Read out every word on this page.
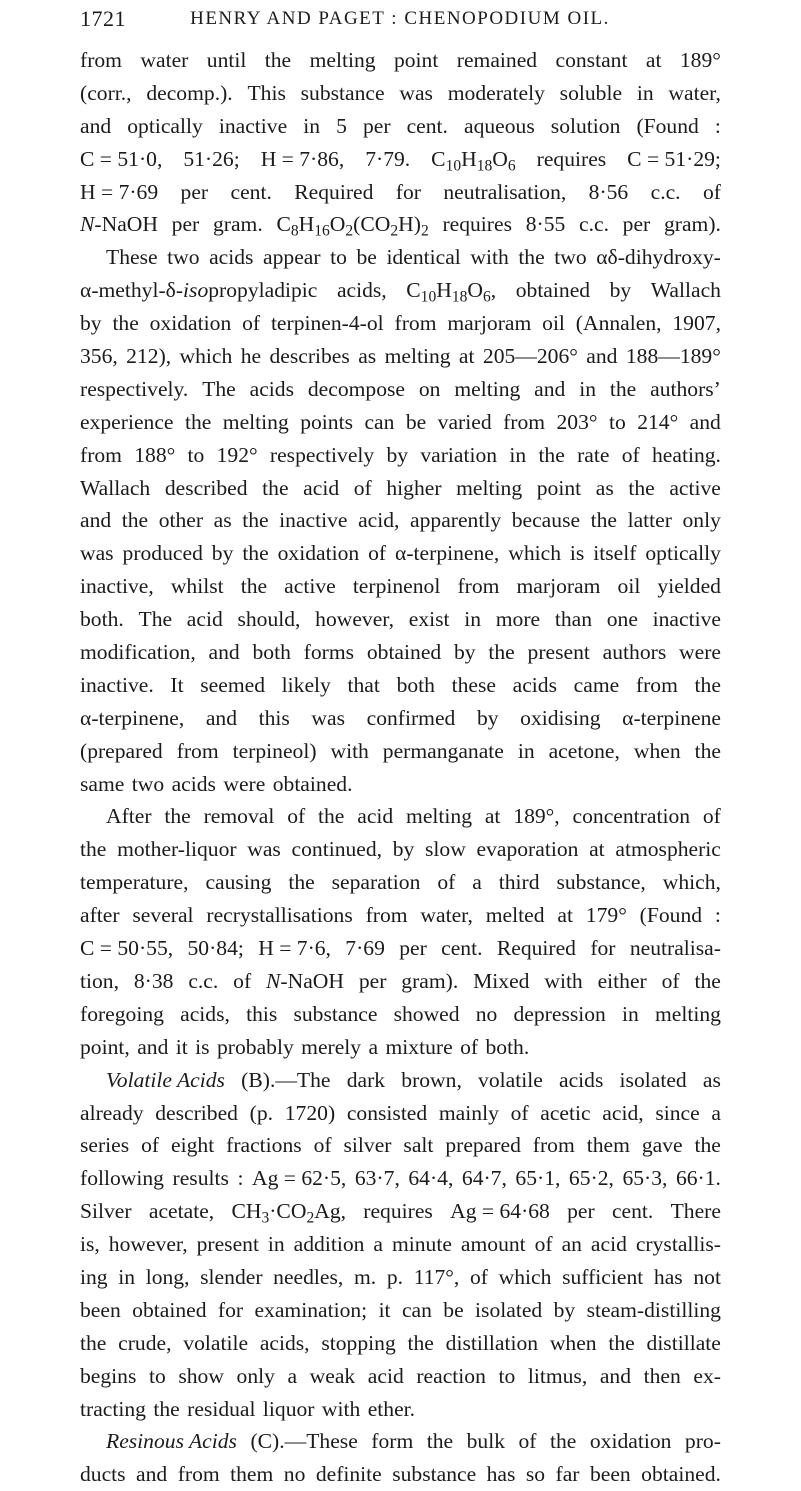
1721	HENRY AND PAGET : CHENOPODIUM OIL.
from water until the melting point remained constant at 189°
(corr., decomp.). This substance was moderately soluble in water,
and optically inactive in 5 per cent. aqueous solution (Found :
C = 51·0, 51·26; H = 7·86, 7·79. $C_{10}H_{18}O_6$ requires C = 51·29;
H = 7·69 per cent. Required for neutralisation, 8·56 c.c. of
N-NaOH per gram. $C_8H_{16}O_2(CO_2H)_2$ requires 8·55 c.c. per gram).
These two acids appear to be identical with the two αδ-dihydroxy-
α-methyl-δ-isopropyladipic acids, $C_{10}H_{18}O_6$, obtained by Wallach
by the oxidation of terpinen-4-ol from marjoram oil (Annalen, 1907,
356, 212), which he describes as melting at 205—206° and 188—189°
respectively. The acids decompose on melting and in the authors’
experience the melting points can be varied from 203° to 214° and
from 188° to 192° respectively by variation in the rate of heating.
Wallach described the acid of higher melting point as the active
and the other as the inactive acid, apparently because the latter only
was produced by the oxidation of α-terpinene, which is itself optically
inactive, whilst the active terpinenol from marjoram oil yielded
both. The acid should, however, exist in more than one inactive
modification, and both forms obtained by the present authors were
inactive. It seemed likely that both these acids came from the
α-terpinene, and this was confirmed by oxidising α-terpinene
(prepared from terpineol) with permanganate in acetone, when the
same two acids were obtained.
After the removal of the acid melting at 189°, concentration of
the mother-liquor was continued, by slow evaporation at atmospheric
temperature, causing the separation of a third substance, which,
after several recrystallisations from water, melted at 179° (Found :
C = 50·55, 50·84; H = 7·6, 7·69 per cent. Required for neutralisa-
tion, 8·38 c.c. of N-NaOH per gram). Mixed with either of the
foregoing acids, this substance showed no depression in melting
point, and it is probably merely a mixture of both.
Volatile Acids (B).—The dark brown, volatile acids isolated as
already described (p. 1720) consisted mainly of acetic acid, since a
series of eight fractions of silver salt prepared from them gave the
following results : Ag = 62·5, 63·7, 64·4, 64·7, 65·1, 65·2, 65·3, 66·1.
Silver acetate, $CH_3\cdot CO_2Ag$, requires Ag = 64·68 per cent. There
is, however, present in addition a minute amount of an acid crystallis-
ing in long, slender needles, m. p. 117°, of which sufficient has not
been obtained for examination; it can be isolated by steam-distilling
the crude, volatile acids, stopping the distillation when the distillate
begins to show only a weak acid reaction to litmus, and then ex-
tracting the residual liquor with ether.
Resinous Acids (C).—These form the bulk of the oxidation pro-
ducts and from them no definite substance has so far been obtained.
